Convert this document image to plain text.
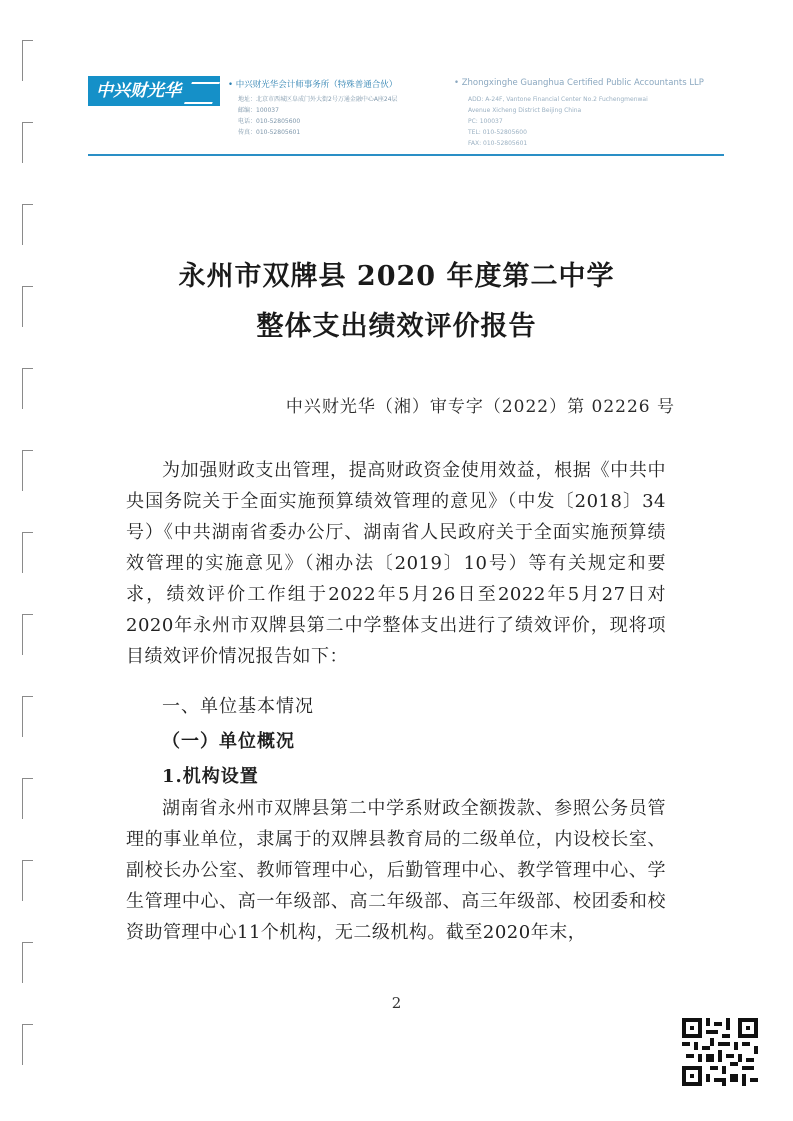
中兴财光华	• 中兴财光华会计师事务所（特殊普通合伙）	• Zhongxinghe Guanghua Certified Public Accountants LLP
地址：北京市西城区阜成门外大街2号万通金融中心A座24层
邮编：100037
电话：010-52805600
传真：010-52805601
ADD: A-24F, Vantone Financial Center No.2 Fuchengmenwai
Avenue Xicheng District Beijing China
PC: 100037
TEL: 010-52805600
FAX: 010-52805601
永州市双牌县 2020 年度第二中学
整体支出绩效评价报告
中兴财光华（湘）审专字（2022）第 02226 号
为加强财政支出管理，提高财政资金使用效益，根据《中共中央国务院关于全面实施预算绩效管理的意见》（中发〔2018〕34号）《中共湖南省委办公厅、湖南省人民政府关于全面实施预算绩效管理的实施意见》（湘办法〔2019〕10号）等有关规定和要求，绩效评价工作组于2022年5月26日至2022年5月27日对2020年永州市双牌县第二中学整体支出进行了绩效评价，现将项目绩效评价情况报告如下：
一、单位基本情况
（一）单位概况
1.机构设置
湖南省永州市双牌县第二中学系财政全额拨款、参照公务员管理的事业单位，隶属于的双牌县教育局的二级单位，内设校长室、副校长办公室、教师管理中心，后勤管理中心、教学管理中心、学生管理中心、高一年级部、高二年级部、高三年级部、校团委和校资助管理中心11个机构，无二级机构。截至2020年末，
2
